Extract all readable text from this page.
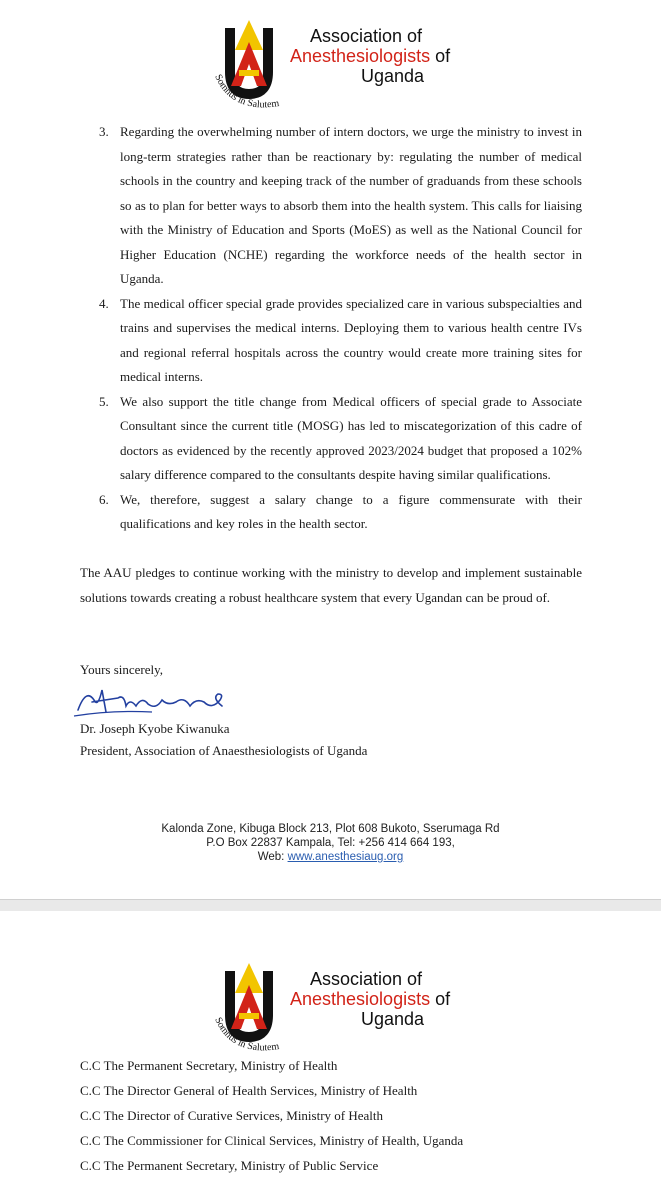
Somnus in Salutem
Association of
Anesthesiologists of
Uganda
3. Regarding the overwhelming number of intern doctors, we urge the ministry to invest in long-term strategies rather than be reactionary by: regulating the number of medical schools in the country and keeping track of the number of graduands from these schools so as to plan for better ways to absorb them into the health system. This calls for liaising with the Ministry of Education and Sports (MoES) as well as the National Council for Higher Education (NCHE) regarding the workforce needs of the health sector in Uganda.
4. The medical officer special grade provides specialized care in various subspecialties and trains and supervises the medical interns. Deploying them to various health centre IVs and regional referral hospitals across the country would create more training sites for medical interns.
5. We also support the title change from Medical officers of special grade to Associate Consultant since the current title (MOSG) has led to miscategorization of this cadre of doctors as evidenced by the recently approved 2023/2024 budget that proposed a 102% salary difference compared to the consultants despite having similar qualifications.
6. We, therefore, suggest a salary change to a figure commensurate with their qualifications and key roles in the health sector.
The AAU pledges to continue working with the ministry to develop and implement sustainable solutions towards creating a robust healthcare system that every Ugandan can be proud of.
Yours sincerely,
Dr. Joseph Kyobe Kiwanuka
President, Association of Anaesthesiologists of Uganda
Kalonda Zone, Kibuga Block 213, Plot 608 Bukoto, Sserumaga Rd
P.O Box 22837 Kampala, Tel: +256 414 664 193,
Web: www.anesthesiaug.org
Somnus in Salutem
Association of
Anesthesiologists of
Uganda
C.C The Permanent Secretary, Ministry of Health
C.C The Director General of Health Services, Ministry of Health
C.C The Director of Curative Services, Ministry of Health
C.C The Commissioner for Clinical Services, Ministry of Health, Uganda
C.C The Permanent Secretary, Ministry of Public Service
